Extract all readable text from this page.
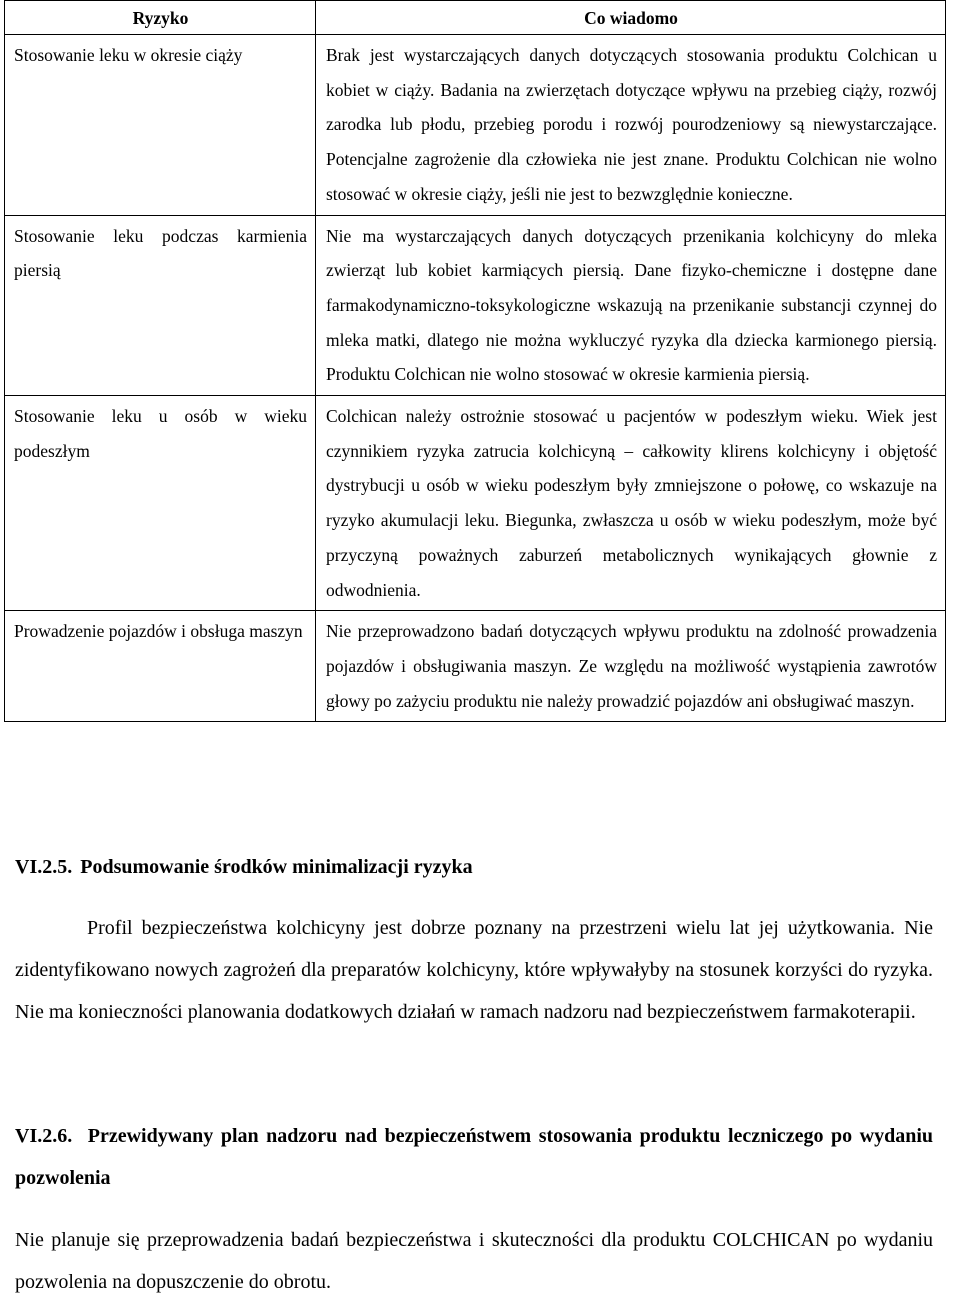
Ryzyko	Co wiadomo
Stosowanie leku w okresie ciąży	Brak jest wystarczających danych dotyczących stosowania produktu Colchican u kobiet w ciąży. Badania na zwierzętach dotyczące wpływu na przebieg ciąży, rozwój zarodka lub płodu, przebieg porodu i rozwój pourodzeniowy są niewystarczające. Potencjalne zagrożenie dla człowieka nie jest znane. Produktu Colchican nie wolno stosować w okresie ciąży, jeśli nie jest to bezwzględnie konieczne.
Stosowanie leku podczas karmienia piersią	Nie ma wystarczających danych dotyczących przenikania kolchicyny do mleka zwierząt lub kobiet karmiących piersią. Dane fizyko-chemiczne i dostępne dane farmakodynamiczno-toksykologiczne wskazują na przenikanie substancji czynnej do mleka matki, dlatego nie można wykluczyć ryzyka dla dziecka karmionego piersią. Produktu Colchican nie wolno stosować w okresie karmienia piersią.
Stosowanie leku u osób w wieku podeszłym	Colchican należy ostrożnie stosować u pacjentów w podeszłym wieku. Wiek jest czynnikiem ryzyka zatrucia kolchicyną – całkowity klirens kolchicyny i objętość dystrybucji u osób w wieku podeszłym były zmniejszone o połowę, co wskazuje na ryzyko akumulacji leku. Biegunka, zwłaszcza u osób w wieku podeszłym, może być przyczyną poważnych zaburzeń metabolicznych wynikających głownie z odwodnienia.
Prowadzenie pojazdów i obsługa maszyn	Nie przeprowadzono badań dotyczących wpływu produktu na zdolność prowadzenia pojazdów i obsługiwania maszyn. Ze względu na możliwość wystąpienia zawrotów głowy po zażyciu produktu nie należy prowadzić pojazdów ani obsługiwać maszyn.
VI.2.5. Podsumowanie środków minimalizacji ryzyka

Profil bezpieczeństwa kolchicyny jest dobrze poznany na przestrzeni wielu lat jej użytkowania. Nie zidentyfikowano nowych zagrożeń dla preparatów kolchicyny, które wpływałyby na stosunek korzyści do ryzyka. Nie ma konieczności planowania dodatkowych działań w ramach nadzoru nad bezpieczeństwem farmakoterapii.

VI.2.6. Przewidywany plan nadzoru nad bezpieczeństwem stosowania produktu leczniczego po wydaniu pozwolenia

Nie planuje się przeprowadzenia badań bezpieczeństwa i skuteczności dla produktu COLCHICAN po wydaniu pozwolenia na dopuszczenie do obrotu.
